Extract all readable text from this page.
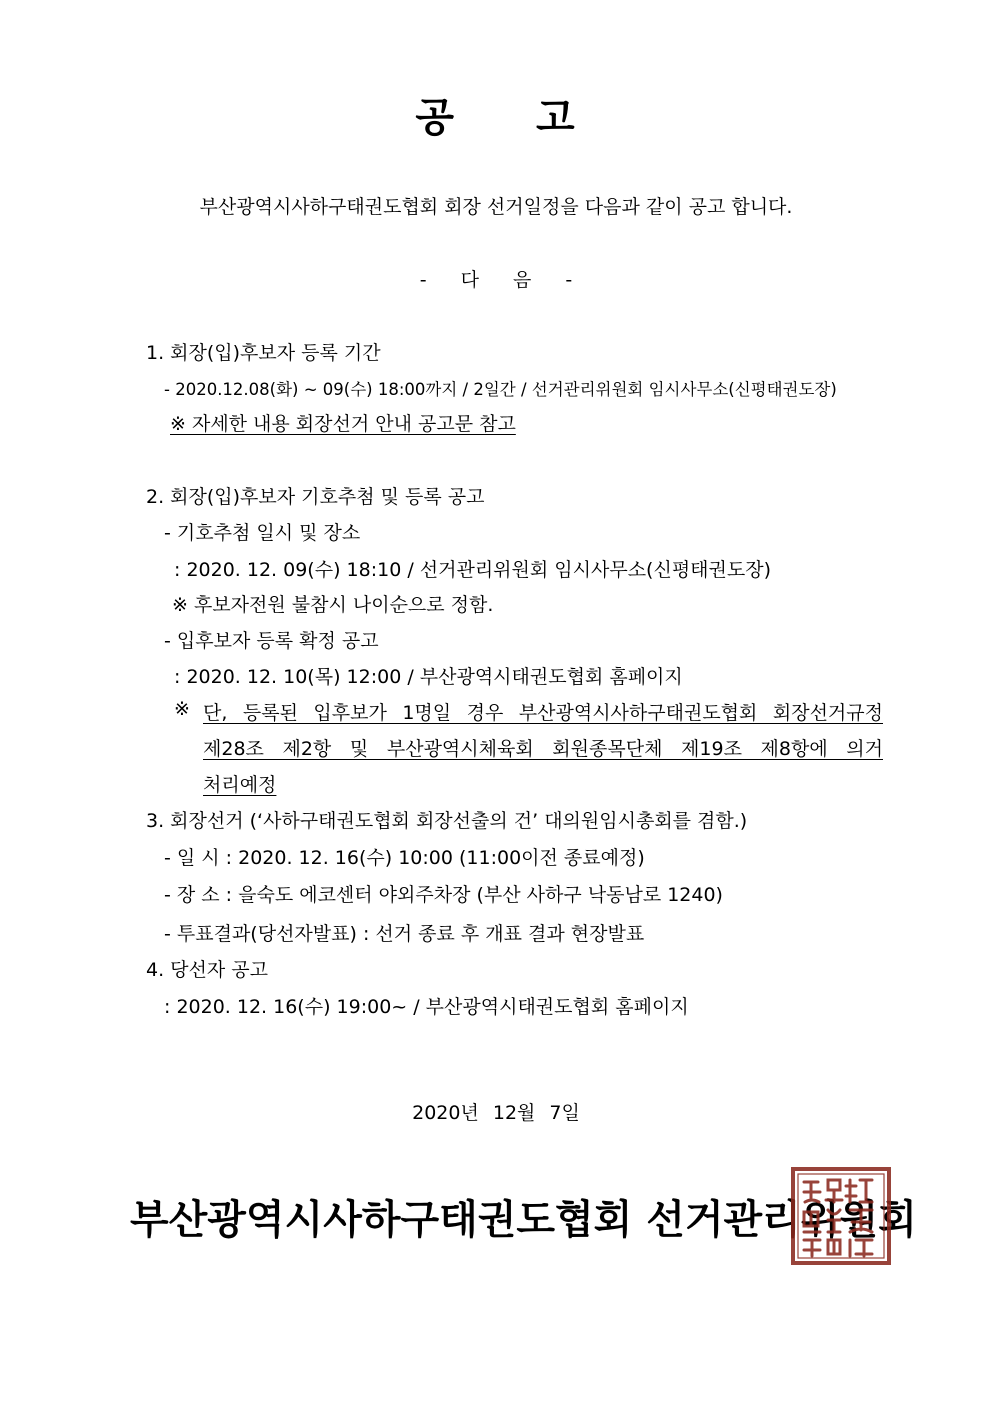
공 고
부산광역시사하구태권도협회 회장 선거일정을 다음과 같이 공고 합니다.
- 다 음 -
1. 회장(입)후보자 등록 기간
- 2020.12.08(화) ~ 09(수) 18:00까지 / 2일간 / 선거관리위원회 임시사무소(신평태권도장)
※ 자세한 내용 회장선거 안내 공고문 참고
2. 회장(입)후보자 기호추첨 및 등록 공고
- 기호추첨 일시 및 장소
: 2020. 12. 09(수) 18:10 / 선거관리위원회 임시사무소(신평태권도장)
※ 후보자전원 불참시 나이순으로 정함.
- 입후보자 등록 확정 공고
: 2020. 12. 10(목) 12:00 / 부산광역시태권도협회 홈페이지
※ 단, 등록된 입후보가 1명일 경우 부산광역시사하구태권도협회 회장선거규정
제28조 제2항 및 부산광역시체육회 회원종목단체 제19조 제8항에 의거
처리예정
3. 회장선거 (‘사하구태권도협회 회장선출의 건’ 대의원임시총회를 겸함.)
- 일 시 : 2020. 12. 16(수) 10:00 (11:00이전 종료예정)
- 장 소 : 을숙도 에코센터 야외주차장 (부산 사하구 낙동남로 1240)
- 투표결과(당선자발표) : 선거 종료 후 개표 결과 현장발표
4. 당선자 공고
: 2020. 12. 16(수) 19:00~ / 부산광역시태권도협회 홈페이지
2020년 12월 7일
부산광역시사하구태권도협회 선거관리위원회
